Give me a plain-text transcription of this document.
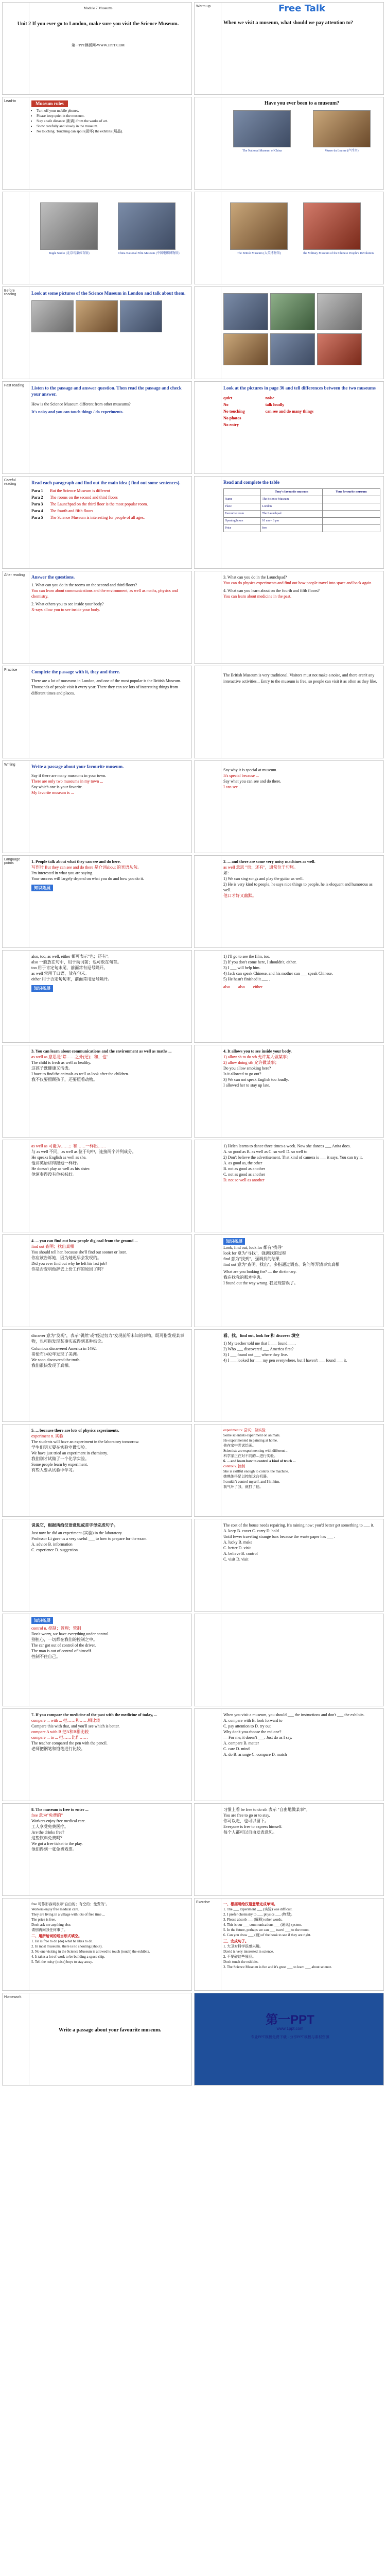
Module 7 Museums
Unit 2 If you ever go to London, make sure you visit the Science Museum.
第一PPT模板网-WWW.1PPT.COM
Warm up	Free Talk
When we visit a museum, what should we pay attention to?
Lead-in	Museum rules
• Turn off your mobile phones.
• Please keep quiet in the museum.
• Stay a safe distance (距离) from the works of art.
• Show carefully and slowly in the museum.
• No touching. Touching can spoil (损坏) the exhibits (展品).
Have you ever been to a museum?
The National Museum of China	Musee du Louvre (卢浮宫)
Bugle Stadio (北京鸟巢体育馆)	China National Film Museum (中国电影博物馆)	The British Museum (大英博物馆)	the Military Museum of the Chinese People's Revolution
Before reading	Look at some pictures of the Science Museum in London and talk about them.
Fast reading	Listen to the passage and answer question. Then read the passage and check your answer.
How is the Science Museum different from other museums?
It's noisy and you can touch things / do experiments.
Look at the pictures in page 36 and tell differences between the two museums
quiet
No
No touching
No photos
No entry
noise
talk loudly
can see and do many things
Careful reading	Read each paragraph and find out the main idea ( find out some sentences).
Para 1	But the Science Museum is different
Para 2	The rooms on the second and third floors
Para 3	The Launchpad on the third floor is the most popular room.
Para 4	The fourth and fifth floors
Para 5	The Science Museum is interesting for people of all ages.
Read and complete the table
	Tony's favourite museum	Your favourite museum
Name	The Science Museum	
Place	London	
Favourite room	The Launchpad	
Opening hours	10 am – 6 pm	
Price	free	
After reading	Answer the questions.
1. What can you do in the rooms on the second and third floors?
You can learn about communications and the environment, as well as maths, physics and chemistry.
2. What others you to see inside your body?
X-rays allow you to see inside your body.
3. What can you do in the Launchpad?
You can do physics experiments and find out how people travel into space and back again.
4. What can you learn about on the fourth and fifth floors?
You can learn about medicine in the past.
Practice	Complete the passage with it, they and there.
There are a lot of museums in London, and one of the most popular is the British Museum. Thousands of people visit it every year. There they can see lots of interesting things from different times and places.
The British Museum is very traditional. Visitors must not make a noise, and there aren't any interactive activities... Entry to the museum is free, so people can visit it as often as they like.
Writing	Write a passage about your favourite museum.
Say if there are many museums in your town.
There are only two museums in my town ...
Say which one is your favorite.
My favorite museum is ...
Say why it is special at museum.
It's special because ...
Say what you can see and do there.
I can see ...
Language points	1. People talk about what they can see and do here.
写作时 But they can see and do there 是介词about 的宾语从句。
I'm interested in what you are saying.
Your success will largely depend on what you do and how you do it.
知识拓展
2. ... and there are some very noisy machines as well.
as well 意思 "也；还有"，通常位于句尾。
如：
1) We can sing songs and play the guitar as well.
2) He is very kind to people, he says nice things to people, he is eloquent and humorous as well.
他口才好又幽默。
also, too, as well, either 都可表示"也；还有"。
also 一般放在句中，用于动词前；也可放在句首。
too 用于肯定句末尾，前面常有逗号隔开。
as well 常用于口语，放在句末。
either 用于否定句句末，前面常用逗号隔开。
知识拓展
1) I'll go to see the film, too.
2) If you don't come here, I shouldn't, either.
3) I ___ will help him.
4) Jack can speak Chinese, and his mother can ___ speak Chinese.
5) He hasn't finished it ___ .
also also either
3. You can learn about communications and the environment as well as maths ...
as well as 意思是"除……之外(还)；和，也"
The child is fresh as well as healthy.
这孩子既健康又活泼。
I have to find the animals as well as look after the children.
我不仅要照顾孩子，还要照看动物。
4. It allows you to see inside your body.
1) allow sb to do sth 允许某人做某事；
2) allow doing sth 允许做某事；
Do you allow smoking here?
Is it allowed to go out?
3) We can not speak English too loudly.
I allowed her to stay up late.
as well as 可能为……；和……一样出……
与 as well 不同，as well as 位于句中，连接两个并列成分。
He speaks English as well as she.
他讲英语讲得跟她一样好。
He doesn't play as well as his sister.
他演奏得没有他妹妹好。
1) Helen learns to dance three times a week. Now she dances ___ Anita does.
A. so good as B. as well as C. so well D. so well to
2) Don't believe the advertisement. That kind of camera is ___ it says. You can try it.
A. as good as, the other
B. not as good as another
C. not as good as another
D. not so well as another
4. ... you can find out how people dig coal from the ground ...
find out 查明；找出真相
You should tell her, because she'll find out sooner or later.
你应该告诉她，因为她迟早会发现的。
Did you ever find out why he left his last job?
你是否查明他辞去上份工作的原因了吗？
知识拓展
Look, find out, look for 都有"找寻"
look for 意为"寻找"，强调找的过程
find 意为"找到"，强调找的结果
find out 意为"查明，找出"，多指通过调查、询问等弄清事实真相
What are you looking for? — the dictionary.
我在找我的那本字典。
I found out the way wrong. 我发现错误了。
discover 意为"发现"，表示"偶然"或"经过努力"发现前所未知的事物，既可指发现某事物，也可指发现某事实或得到某种结论。
Columbus discovered America in 1492.
哥伦布1492年发现了美洲。
We soon discovered the truth.
我们很快发现了真相。
看、找、find out, look for 和 discover 填空
1) My teacher told me that I ___ found ___.
2) Who ___ discovered ___ America first?
3) I ___ found out ___ where they live.
4) I ___ looked for ___ my pen everywhere, but I haven't ___ found ___ it.
5. ... because there are lots of physics experiments.
experiment n. 实验
The students will have an experiment in the laboratory tomorrow.
学生们明天要在实验室做实验。
We have just tried an experiment in chemistry.
我们刚才试做了一个化学实验。
Some people learn by experiment.
有些人要从试验中学习。
experiment v. 尝试；做实验
Some scientists experiment on animals.
He experimented in painting at home.
他在家中尝试绘画。
Scientists are experimenting with different ...
科学家正在对不同的…进行实验。
6. ... and learn how to control a kind of truck ...
control v. 控制
She is skillful enough to control the machine.
她熟练得足以控制这台机器。
I couldn't control myself, and I hit him.
我气坏了我，就打了他。
说说它，根据所给汉语意思或首字母完成句子。
Just now he did an experiment (实验) in the laboratory.
Professor Li gave us a very useful ___ to how to prepare for the exam.
A. advice B. information
C. experience D. suggestion
The cost of the house needs repairing. It's raining now; you'd better get something to ___ it.
A. keep B. cover C. carry D. hold
Until fewer traveling strange bars because the waste paper has ___ .
A. lucky B. make
C. better D. visit
A. believe B. control
C. visit D. visit
知识拓展
control n. 控制；管理；管制
Don't worry, we have everything under control.
别担心，一切都在我们的控制之中。
The car got out of control of the driver.
The man is out of control of himself.
控制不住自己。
7. If you compare the medicine of the past with the medicine of today, ...
compare ... with ... 把……和……相比较
Compare this with that, and you'll see which is better.
compare A with B 把A和B相比较
compare ... to ... 把……比作……
The teacher compared the pen with the pencil.
老师把钢笔和铅笔进行比较。
When you visit a museum, you should ___ the instructions and don't ___ the exhibits.
A. compare with B. look forward to
C. pay attention to D. try out
Why don't you choose the red one?
— For me, it doesn't ___. Just do as I say.
A. compare B. matter
C. care D. mind
A. do B. arrange C. compare D. match
8. The museum is free to enter ...
free 意为"免费的"
Workers enjoy free medical care.
工人享受免费医疗。
Are the drinks free?
这些饮料免费吗？
We got a free ticket to the play.
他们得到一张免费戏票。
习惯上看 be free to do sth 表示 "自由地做某事"。
You are free to go or to stay.
你可以走，也可以留下。
Everyone is free to express himself.
每个人都可以自由发表意见。
free 可作形容词表示"自由的；有空的；免费的"。
Workers enjoy free medical care.
They are living in a village with lots of free time ...
The price is free.
Don't ask me anything else.
请别再问我任何事了。
二、用所给词的适当形式填空。
1. He is free to do (do) what he likes to do.
2. In most museums, there is no shouting (shout).
3. No one visiting in the Science Museum is allowed to touch (touch) the exhibits.
4. It takes a lot of work to be building a space ship.
5. Tell the noisy (noise) boys to stay away.
Exercise	一、根据所给汉语意思完成单词。
1. The ___ experiment ___ (实验) was difficult.
2. I prefer chemistry to ___ physics ___ (物理).
3. Please absorb ___ (解释) other words.
4. This is our ___ communications ___ (通讯) system.
5. In the future, perhaps we can ___ travel ___ to the moon.
6. Can you draw ___ (画) of the book to see if they are right.
三、完成句子。
1. 大卫对科学很感兴趣。
David is very interested in science.
2. 不要碰这些展品。
Don't touch the exhibits.
3. The Science Museum is fun and it's great ___ to learn ___ about science.
Homework
Write a passage about your favourite museum.
第一PPT
www.1ppt.com
专业PPT模板免费下载 · 分享PPT模板与素材资源
